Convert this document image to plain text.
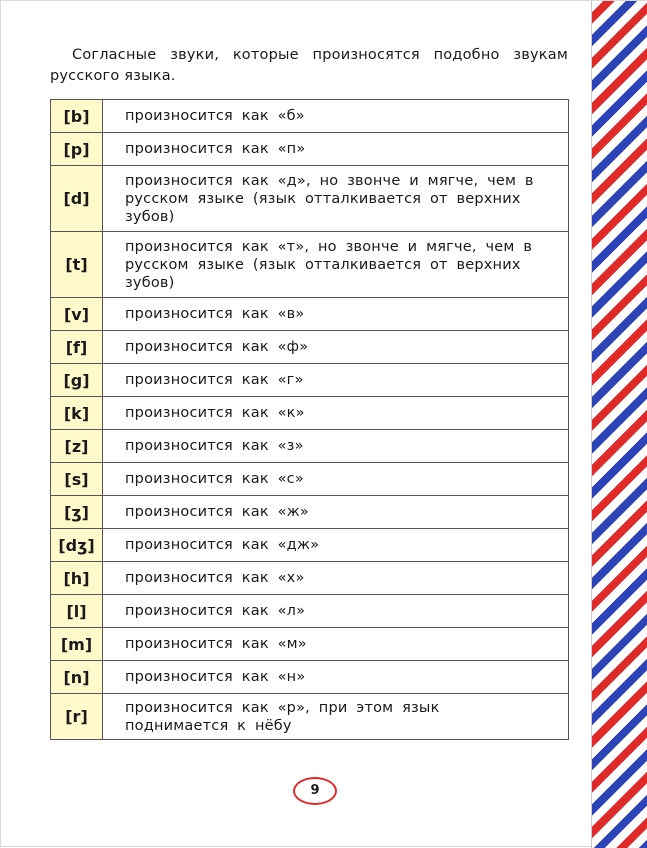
Согласные звуки, которые произносятся подобно звукам русского языка.

[b]	произносится как «б»
[p]	произносится как «п»
[d]	произносится как «д», но звонче и мягче, чем в русском языке (язык отталкивается от верхних зубов)
[t]	произносится как «т», но звонче и мягче, чем в русском языке (язык отталкивается от верхних зубов)
[v]	произносится как «в»
[f]	произносится как «ф»
[g]	произносится как «г»
[k]	произносится как «к»
[z]	произносится как «з»
[s]	произносится как «с»
[ʒ]	произносится как «ж»
[dʒ]	произносится как «дж»
[h]	произносится как «х»
[l]	произносится как «л»
[m]	произносится как «м»
[n]	произносится как «н»
[r]	произносится как «р», при этом язык поднимается к нёбу
9
